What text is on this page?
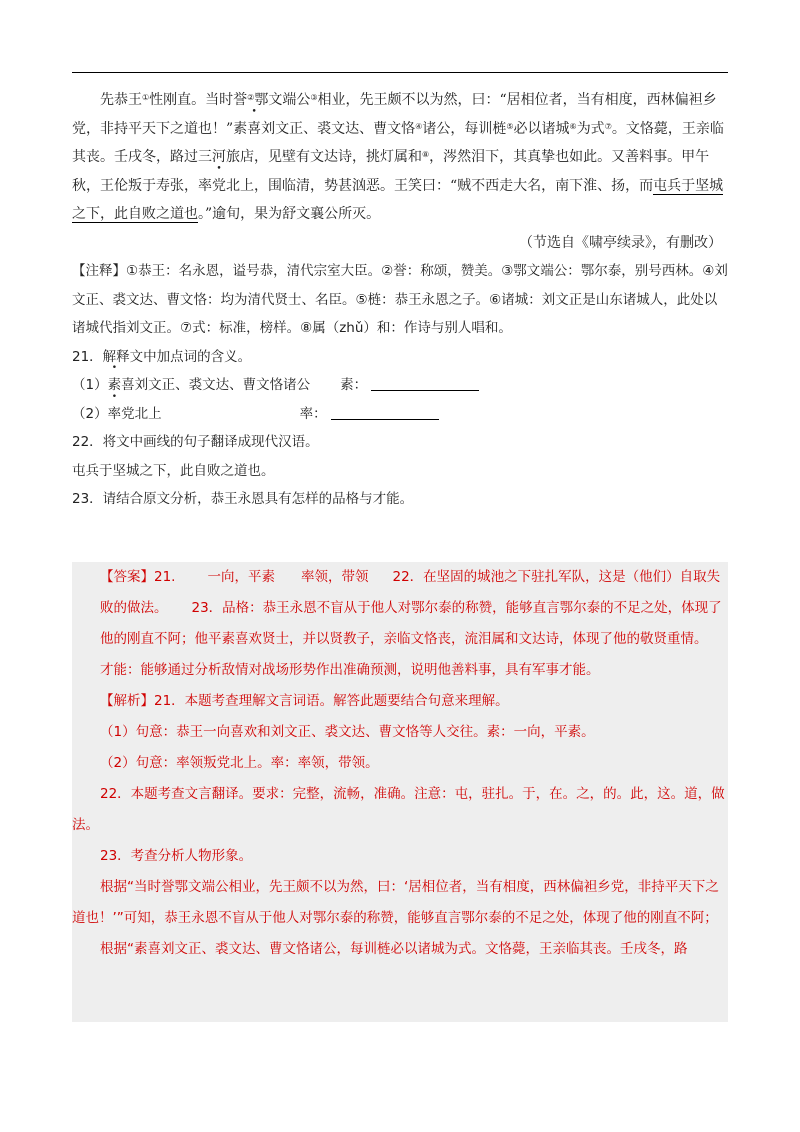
先恭王①性刚直。当时誉②鄂文端公③相业，先王颇不以为然，曰：“居相位者，当有相度，西林偏袒乡党，非持平天下之道也！”素喜刘文正、裘文达、曹文恪④诸公，每训梿⑤必以诸城⑥为式⑦。文恪薨，王亲临其丧。壬戌冬，路过三河旅店，见壁有文达诗，挑灯属和⑧，涔然泪下，其真挚也如此。又善料事。甲午秋，王伦叛于寿张，率党北上，围临清，势甚汹恶。王笑曰：“贼不西走大名，南下淮、扬，而屯兵于坚城之下，此自败之道也。”逾旬，果为舒文襄公所灭。

（节选自《啸亭续录》，有删改）

【注释】①恭王：名永恩，谥号恭，清代宗室大臣。②誉：称颂，赞美。③鄂文端公：鄂尔泰，别号西林。④刘文正、裘文达、曹文恪：均为清代贤士、名臣。⑤梿：恭王永恩之子。⑥诸城：刘文正是山东诸城人，此处以诸城代指刘文正。⑦式：标准，榜样。⑧属（zhǔ）和：作诗与别人唱和。

21．解释文中加点词的含义。

（1）素喜刘文正、裘文达、曹文恪诸公 素：

（2）率党北上	率：

22．将文中画线的句子翻译成现代汉语。

屯兵于坚城之下，此自败之道也。

23．请结合原文分析，恭王永恩具有怎样的品格与才能。

【答案】21. 一向，平素 率领，带领 22．在坚固的城池之下驻扎军队，这是（他们）自取失败的做法。 23．品格：恭王永恩不盲从于他人对鄂尔泰的称赞，能够直言鄂尔泰的不足之处，体现了他的刚直不阿；他平素喜欢贤士，并以贤教子，亲临文恪丧，流泪属和文达诗，体现了他的敬贤重情。

才能：能够通过分析敌情对战场形势作出准确预测，说明他善料事，具有军事才能。

【解析】21．本题考查理解文言词语。解答此题要结合句意来理解。

（1）句意：恭王一向喜欢和刘文正、裘文达、曹文恪等人交往。素：一向，平素。

（2）句意：率领叛党北上。率：率领，带领。

22．本题考查文言翻译。要求：完整，流畅，准确。注意：屯，驻扎。于，在。之，的。此，这。道，做法。

23．考查分析人物形象。

根据“当时誉鄂文端公相业，先王颇不以为然，曰：‘居相位者，当有相度，西林偏袒乡党，非持平天下之道也！’”可知，恭王永恩不盲从于他人对鄂尔泰的称赞，能够直言鄂尔泰的不足之处，体现了他的刚直不阿；

根据“素喜刘文正、裘文达、曹文恪诸公，每训梿必以诸城为式。文恪薨，王亲临其丧。壬戌冬，路
